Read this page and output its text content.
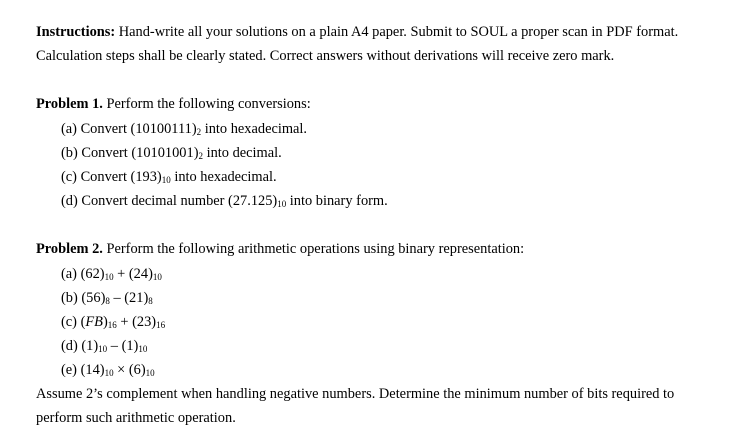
Instructions: Hand-write all your solutions on a plain A4 paper. Submit to SOUL a proper scan in PDF format.
Calculation steps shall be clearly stated. Correct answers without derivations will receive zero mark.
Problem 1. Perform the following conversions:
(a) Convert $(10100111)_2$ into hexadecimal.
(b) Convert $(10101001)_2$ into decimal.
(c) Convert $(193)_{10}$ into hexadecimal.
(d) Convert decimal number $(27.125)_{10}$ into binary form.
Problem 2. Perform the following arithmetic operations using binary representation:
(a) $(62)_{10} + (24)_{10}$
(b) $(56)_8 - (21)_8$
(c) $(FB)_{16} + (23)_{16}$
(d) $(1)_{10} - (1)_{10}$
(e) $(14)_{10} \times (6)_{10}$
Assume 2’s complement when handling negative numbers. Determine the minimum number of bits required to
perform such arithmetic operation.
